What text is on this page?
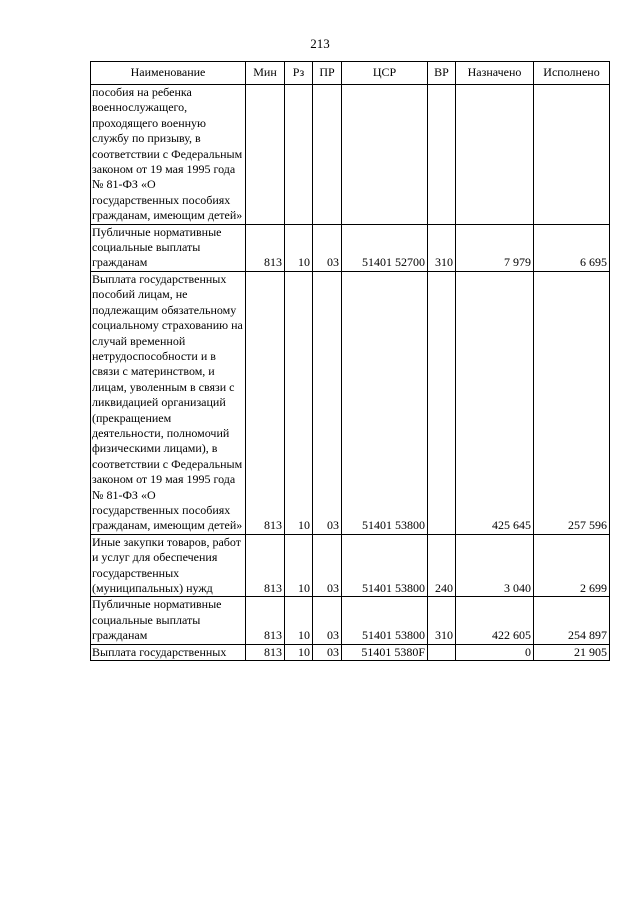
213
Наименование	Мин	Рз	ПР	ЦСР	ВР	Назначено	Исполнено
пособия на ребенка военнослужащего, проходящего военную службу по призыву, в соответствии с Федеральным законом от 19 мая 1995 года № 81-ФЗ «О государственных пособиях гражданам, имеющим детей»							
Публичные нормативные социальные выплаты гражданам	813	10	03	51401 52700	310	7 979	6 695
Выплата государственных пособий лицам, не подлежащим обязательному социальному страхованию на случай временной нетрудоспособности и в связи с материнством, и лицам, уволенным в связи с ликвидацией организаций (прекращением деятельности, полномочий физическими лицами), в соответствии с Федеральным законом от 19 мая 1995 года № 81-ФЗ «О государственных пособиях гражданам, имеющим детей»	813	10	03	51401 53800		425 645	257 596
Иные закупки товаров, работ и услуг для обеспечения государственных (муниципальных) нужд	813	10	03	51401 53800	240	3 040	2 699
Публичные нормативные социальные выплаты гражданам	813	10	03	51401 53800	310	422 605	254 897
Выплата государственных	813	10	03	51401 5380F		0	21 905
